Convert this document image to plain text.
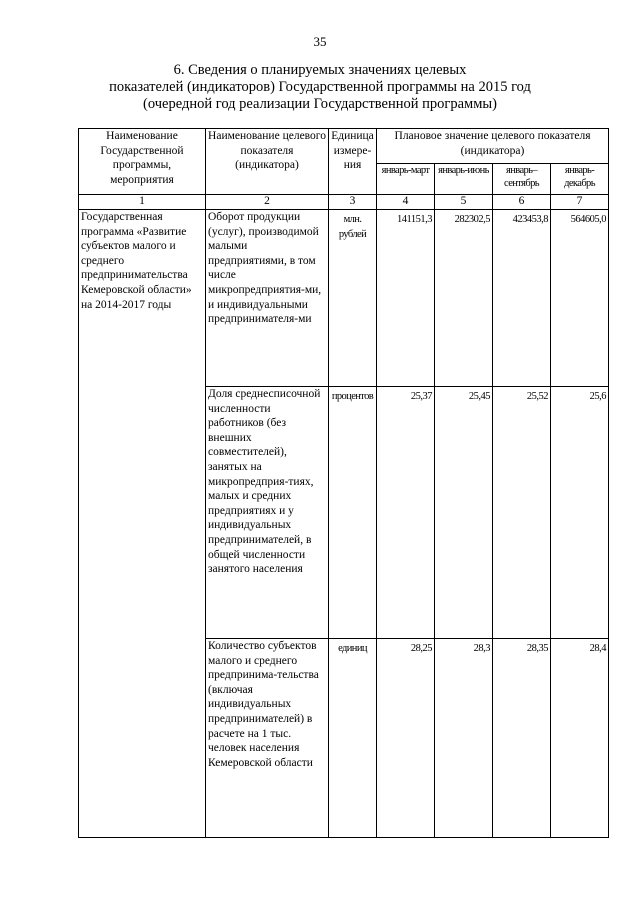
35
6. Сведения о планируемых значениях целевых
показателей (индикаторов) Государственной программы на 2015 год
(очередной год реализации Государственной программы)
Наименование Государственной программы, мероприятия	Наименование целевого показателя (индикатора)	Единица измере-ния	Плановое значение целевого показателя (индикатора)			
			январь-март	январь-июнь	январь–сентябрь	январь-декабрь
1	2	3	4	5	6	7
Государственная программа «Развитие субъектов малого и среднего предпринимательства Кемеровской области» на 2014-2017 годы	Оборот продукции (услуг), производимой малыми предприятиями, в том числе микропредприятия-ми, и индивидуальными предпринимателя-ми	млн. рублей	141151,3	282302,5	423453,8	564605,0
	Доля среднесписочной численности работников (без внешних совместителей), занятых на микропредприя-тиях, малых и средних предприятиях и у индивидуальных предпринимателей, в общей численности занятого населения	процентов	25,37	25,45	25,52	25,6
	Количество субъектов малого и среднего предпринима-тельства (включая индивидуальных предпринимателей) в расчете на 1 тыс. человек населения Кемеровской области	единиц	28,25	28,3	28,35	28,4
